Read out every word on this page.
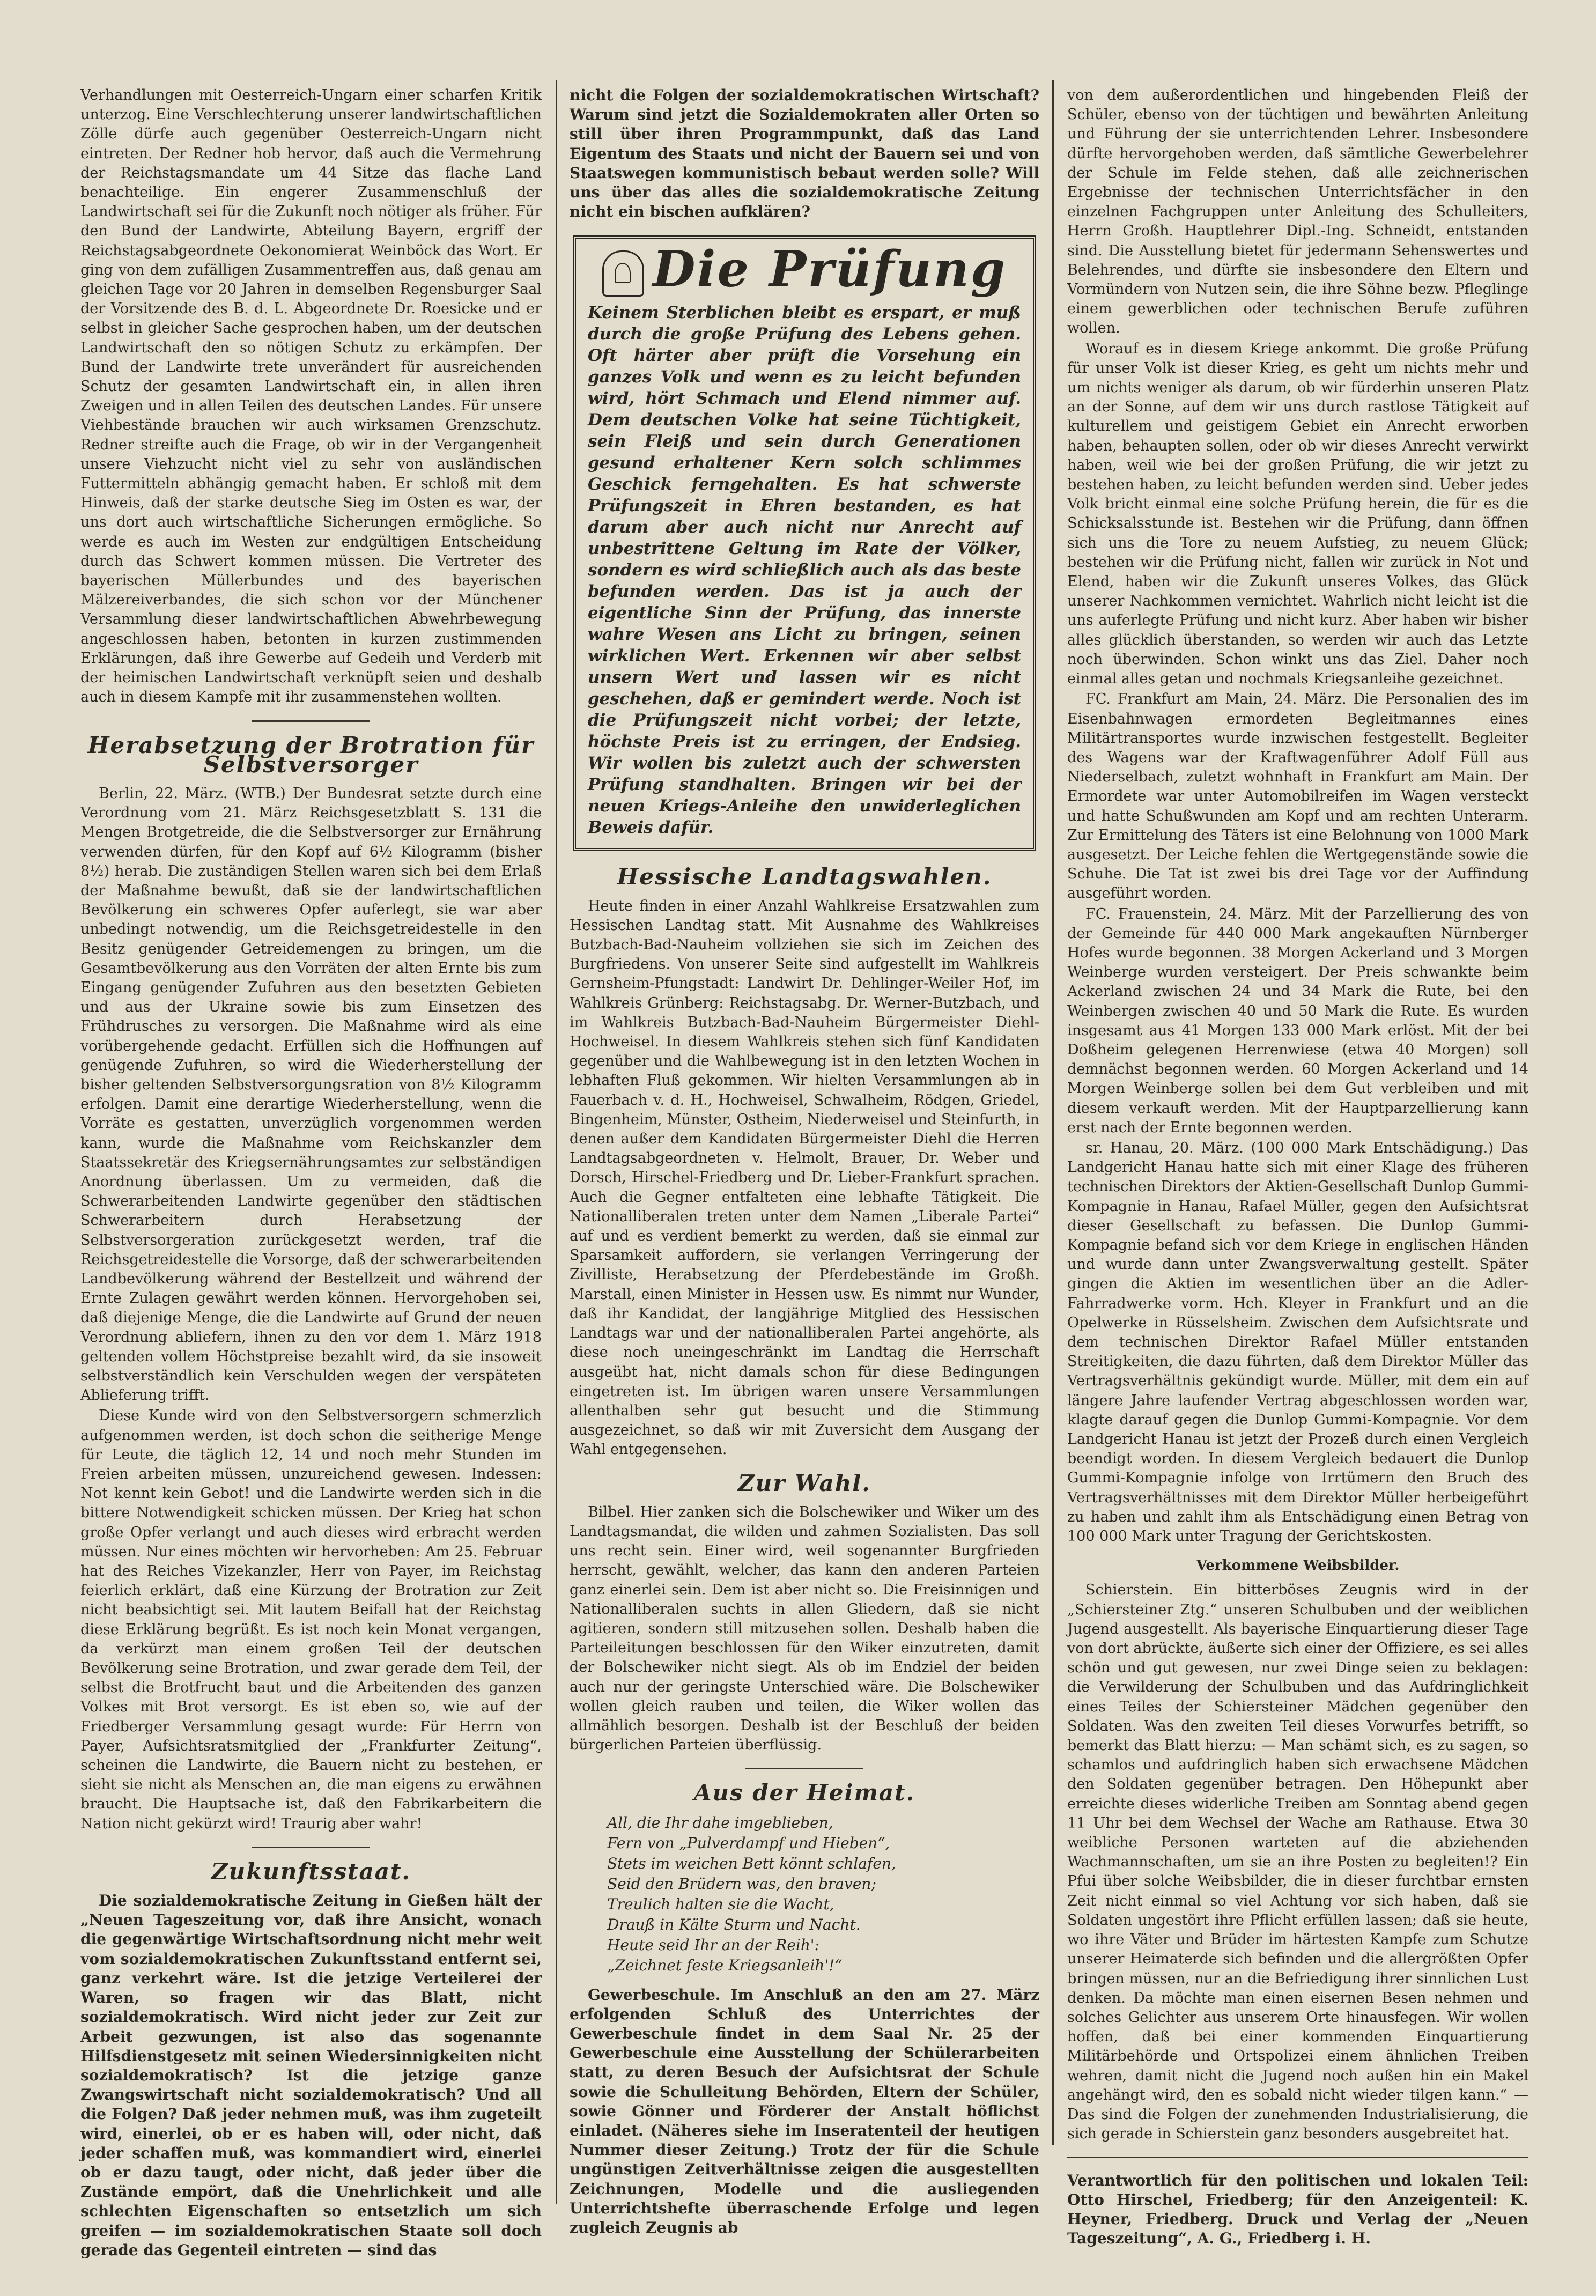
Verhandlungen mit Oesterreich-Ungarn einer scharfen Kritik unterzog. Eine Verschlechterung unserer landwirtschaftlichen Zölle dürfe auch gegenüber Oesterreich-Ungarn nicht eintreten. Der Redner hob hervor, daß auch die Vermehrung der Reichstagsmandate um 44 Sitze das flache Land benachteilige. Ein engerer Zusammenschluß der Landwirtschaft sei für die Zukunft noch nötiger als früher. Für den Bund der Landwirte, Abteilung Bayern, ergriff der Reichstagsabgeordnete Oekonomierat Weinböck das Wort. Er ging von dem zufälligen Zusammentreffen aus, daß genau am gleichen Tage vor 20 Jahren in demselben Regensburger Saal der Vorsitzende des B. d. L. Abgeordnete Dr. Roesicke und er selbst in gleicher Sache gesprochen haben, um der deutschen Landwirtschaft den so nötigen Schutz zu erkämpfen. Der Bund der Landwirte trete unverändert für ausreichenden Schutz der gesamten Landwirtschaft ein, in allen ihren Zweigen und in allen Teilen des deutschen Landes. Für unsere Viehbestände brauchen wir auch wirksamen Grenzschutz. Redner streifte auch die Frage, ob wir in der Vergangenheit unsere Viehzucht nicht viel zu sehr von ausländischen Futtermitteln abhängig gemacht haben. Er schloß mit dem Hinweis, daß der starke deutsche Sieg im Osten es war, der uns dort auch wirtschaftliche Sicherungen ermögliche. So werde es auch im Westen zur endgültigen Entscheidung durch das Schwert kommen müssen. Die Vertreter des bayerischen Müllerbundes und des bayerischen Mälzereiverbandes, die sich schon vor der Münchener Versammlung dieser landwirtschaftlichen Abwehrbewegung angeschlossen haben, betonten in kurzen zustimmenden Erklärungen, daß ihre Gewerbe auf Gedeih und Verderb mit der heimischen Landwirtschaft verknüpft seien und deshalb auch in diesem Kampfe mit ihr zusammenstehen wollten.

Herabsetzung der Brotration für Selbstversorger

Berlin, 22. März. (WTB.) Der Bundesrat setzte durch eine Verordnung vom 21. März Reichsgesetzblatt S. 131 die Mengen Brotgetreide, die die Selbstversorger zur Ernährung verwenden dürfen, für den Kopf auf 6½ Kilogramm (bisher 8½) herab. Die zuständigen Stellen waren sich bei dem Erlaß der Maßnahme bewußt, daß sie der landwirtschaftlichen Bevölkerung ein schweres Opfer auferlegt, sie war aber unbedingt notwendig, um die Reichsgetreidestelle in den Besitz genügender Getreidemengen zu bringen, um die Gesamtbevölkerung aus den Vorräten der alten Ernte bis zum Eingang genügender Zufuhren aus den besetzten Gebieten und aus der Ukraine sowie bis zum Einsetzen des Frühdrusches zu versorgen. Die Maßnahme wird als eine vorübergehende gedacht. Erfüllen sich die Hoffnungen auf genügende Zufuhren, so wird die Wiederherstellung der bisher geltenden Selbstversorgungsration von 8½ Kilogramm erfolgen. Damit eine derartige Wiederherstellung, wenn die Vorräte es gestatten, unverzüglich vorgenommen werden kann, wurde die Maßnahme vom Reichskanzler dem Staatssekretär des Kriegsernährungsamtes zur selbständigen Anordnung überlassen. Um zu vermeiden, daß die Schwerarbeitenden Landwirte gegenüber den städtischen Schwerarbeitern durch Herabsetzung der Selbstversorgeration zurückgesetzt werden, traf die Reichsgetreidestelle die Vorsorge, daß der schwerarbeitenden Landbevölkerung während der Bestellzeit und während der Ernte Zulagen gewährt werden können. Hervorgehoben sei, daß diejenige Menge, die die Landwirte auf Grund der neuen Verordnung abliefern, ihnen zu den vor dem 1. März 1918 geltenden vollem Höchstpreise bezahlt wird, da sie insoweit selbstverständlich kein Verschulden wegen der verspäteten Ablieferung trifft.

Diese Kunde wird von den Selbstversorgern schmerzlich aufgenommen werden, ist doch schon die seitherige Menge für Leute, die täglich 12, 14 und noch mehr Stunden im Freien arbeiten müssen, unzureichend gewesen. Indessen: Not kennt kein Gebot! und die Landwirte werden sich in die bittere Notwendigkeit schicken müssen. Der Krieg hat schon große Opfer verlangt und auch dieses wird erbracht werden müssen. Nur eines möchten wir hervorheben: Am 25. Februar hat des Reiches Vizekanzler, Herr von Payer, im Reichstag feierlich erklärt, daß eine Kürzung der Brotration zur Zeit nicht beabsichtigt sei. Mit lautem Beifall hat der Reichstag diese Erklärung begrüßt. Es ist noch kein Monat vergangen, da verkürzt man einem großen Teil der deutschen Bevölkerung seine Brotration, und zwar gerade dem Teil, der selbst die Brotfrucht baut und die Arbeitenden des ganzen Volkes mit Brot versorgt. Es ist eben so, wie auf der Friedberger Versammlung gesagt wurde: Für Herrn von Payer, Aufsichtsratsmitglied der „Frankfurter Zeitung“, scheinen die Landwirte, die Bauern nicht zu bestehen, er sieht sie nicht als Menschen an, die man eigens zu erwähnen braucht. Die Hauptsache ist, daß den Fabrikarbeitern die Nation nicht gekürzt wird! Traurig aber wahr!

Zukunftsstaat.

Die sozialdemokratische Zeitung in Gießen hält der „Neuen Tageszeitung vor, daß ihre Ansicht, wonach die gegenwärtige Wirtschaftsordnung nicht mehr weit vom sozialdemokratischen Zukunftsstand entfernt sei, ganz verkehrt wäre. Ist die jetzige Verteilerei der Waren, so fragen wir das Blatt, nicht sozialdemokratisch. Wird nicht jeder zur Zeit zur Arbeit gezwungen, ist also das sogenannte Hilfsdienstgesetz mit seinen Wiedersinnigkeiten nicht sozialdemokratisch? Ist die jetzige ganze Zwangswirtschaft nicht sozialdemokratisch? Und all die Folgen? Daß jeder nehmen muß, was ihm zugeteilt wird, einerlei, ob er es haben will, oder nicht, daß jeder schaffen muß, was kommandiert wird, einerlei ob er dazu taugt, oder nicht, daß jeder über die Zustände empört, daß die Unehrlichkeit und alle schlechten Eigenschaften so entsetzlich um sich greifen — im sozialdemokratischen Staate soll doch gerade das Gegenteil eintreten — sind das

nicht die Folgen der sozialdemokratischen Wirtschaft? Warum sind jetzt die Sozialdemokraten aller Orten so still über ihren Programmpunkt, daß das Land Eigentum des Staats und nicht der Bauern sei und von Staatswegen kommunistisch bebaut werden solle? Will uns über das alles die sozialdemokratische Zeitung nicht ein bischen aufklären?

Die Prüfung
Keinem Sterblichen bleibt es erspart, er muß durch die große Prüfung des Lebens gehen. Oft härter aber prüft die Vorsehung ein ganzes Volk und wenn es zu leicht befunden wird, hört Schmach und Elend nimmer auf. Dem deutschen Volke hat seine Tüchtigkeit, sein Fleiß und sein durch Generationen gesund erhaltener Kern solch schlimmes Geschick ferngehalten. Es hat schwerste Prüfungszeit in Ehren bestanden, es hat darum aber auch nicht nur Anrecht auf unbestrittene Geltung im Rate der Völker, sondern es wird schließlich auch als das beste befunden werden. Das ist ja auch der eigentliche Sinn der Prüfung, das innerste wahre Wesen ans Licht zu bringen, seinen wirklichen Wert. Erkennen wir aber selbst unsern Wert und lassen wir es nicht geschehen, daß er gemindert werde. Noch ist die Prüfungszeit nicht vorbei; der letzte, höchste Preis ist zu erringen, der Endsieg. Wir wollen bis zuletzt auch der schwersten Prüfung standhalten. Bringen wir bei der neuen Kriegs-Anleihe den unwiderleglichen Beweis dafür.
Hessische Landtagswahlen.

Heute finden in einer Anzahl Wahlkreise Ersatzwahlen zum Hessischen Landtag statt. Mit Ausnahme des Wahlkreises Butzbach-Bad-Nauheim vollziehen sie sich im Zeichen des Burgfriedens. Von unserer Seite sind aufgestellt im Wahlkreis Gernsheim-Pfungstadt: Landwirt Dr. Dehlinger-Weiler Hof, im Wahlkreis Grünberg: Reichstagsabg. Dr. Werner-Butzbach, und im Wahlkreis Butzbach-Bad-Nauheim Bürgermeister Diehl-Hochweisel. In diesem Wahlkreis stehen sich fünf Kandidaten gegenüber und die Wahlbewegung ist in den letzten Wochen in lebhaften Fluß gekommen. Wir hielten Versammlungen ab in Fauerbach v. d. H., Hochweisel, Schwalheim, Rödgen, Griedel, Bingenheim, Münster, Ostheim, Niederweisel und Steinfurth, in denen außer dem Kandidaten Bürgermeister Diehl die Herren Landtagsabgeordneten v. Helmolt, Brauer, Dr. Weber und Dorsch, Hirschel-Friedberg und Dr. Lieber-Frankfurt sprachen. Auch die Gegner entfalteten eine lebhafte Tätigkeit. Die Nationalliberalen treten unter dem Namen „Liberale Partei“ auf und es verdient bemerkt zu werden, daß sie einmal zur Sparsamkeit auffordern, sie verlangen Verringerung der Zivilliste, Herabsetzung der Pferdebestände im Großh. Marstall, einen Minister in Hessen usw. Es nimmt nur Wunder, daß ihr Kandidat, der langjährige Mitglied des Hessischen Landtags war und der nationalliberalen Partei angehörte, als diese noch uneingeschränkt im Landtag die Herrschaft ausgeübt hat, nicht damals schon für diese Bedingungen eingetreten ist. Im übrigen waren unsere Versammlungen allenthalben sehr gut besucht und die Stimmung ausgezeichnet, so daß wir mit Zuversicht dem Ausgang der Wahl entgegensehen.

Zur Wahl.

Bilbel. Hier zanken sich die Bolschewiker und Wiker um des Landtagsmandat, die wilden und zahmen Sozialisten. Das soll uns recht sein. Einer wird, weil sogenannter Burgfrieden herrscht, gewählt, welcher, das kann den anderen Parteien ganz einerlei sein. Dem ist aber nicht so. Die Freisinnigen und Nationalliberalen suchts in allen Gliedern, daß sie nicht agitieren, sondern still mitzusehen sollen. Deshalb haben die Parteileitungen beschlossen für den Wiker einzutreten, damit der Bolschewiker nicht siegt. Als ob im Endziel der beiden auch nur der geringste Unterschied wäre. Die Bolschewiker wollen gleich rauben und teilen, die Wiker wollen das allmählich besorgen. Deshalb ist der Beschluß der beiden bürgerlichen Parteien überflüssig.

Aus der Heimat.
All, die Ihr dahe imgeblieben,
Fern von „Pulverdampf und Hieben“,
Stets im weichen Bett könnt schlafen,
Seid den Brüdern was, den braven;
Treulich halten sie die Wacht,
Drauß in Kälte Sturm und Nacht.
Heute seid Ihr an der Reih':
„Zeichnet feste Kriegsanleih'!“

Gewerbeschule. Im Anschluß an den am 27. März erfolgenden Schluß des Unterrichtes der Gewerbeschule findet in dem Saal Nr. 25 der Gewerbeschule eine Ausstellung der Schülerarbeiten statt, zu deren Besuch der Aufsichtsrat der Schule sowie die Schulleitung Behörden, Eltern der Schüler, sowie Gönner und Förderer der Anstalt höflichst einladet. (Näheres siehe im Inseratenteil der heutigen Nummer dieser Zeitung.) Trotz der für die Schule ungünstigen Zeitverhältnisse zeigen die ausgestellten Zeichnungen, Modelle und die ausliegenden Unterrichtshefte überraschende Erfolge und legen zugleich Zeugnis ab

von dem außerordentlichen und hingebenden Fleiß der Schüler, ebenso von der tüchtigen und bewährten Anleitung und Führung der sie unterrichtenden Lehrer. Insbesondere dürfte hervorgehoben werden, daß sämtliche Gewerbelehrer der Schule im Felde stehen, daß alle zeichnerischen Ergebnisse der technischen Unterrichtsfächer in den einzelnen Fachgruppen unter Anleitung des Schulleiters, Herrn Großh. Hauptlehrer Dipl.-Ing. Schneidt, entstanden sind. Die Ausstellung bietet für jedermann Sehenswertes und Belehrendes, und dürfte sie insbesondere den Eltern und Vormündern von Nutzen sein, die ihre Söhne bezw. Pfleglinge einem gewerblichen oder technischen Berufe zuführen wollen.

Worauf es in diesem Kriege ankommt. Die große Prüfung für unser Volk ist dieser Krieg, es geht um nichts mehr und um nichts weniger als darum, ob wir fürderhin unseren Platz an der Sonne, auf dem wir uns durch rastlose Tätigkeit auf kulturellem und geistigem Gebiet ein Anrecht erworben haben, behaupten sollen, oder ob wir dieses Anrecht verwirkt haben, weil wie bei der großen Prüfung, die wir jetzt zu bestehen haben, zu leicht befunden werden sind. Ueber jedes Volk bricht einmal eine solche Prüfung herein, die für es die Schicksalsstunde ist. Bestehen wir die Prüfung, dann öffnen sich uns die Tore zu neuem Aufstieg, zu neuem Glück; bestehen wir die Prüfung nicht, fallen wir zurück in Not und Elend, haben wir die Zukunft unseres Volkes, das Glück unserer Nachkommen vernichtet. Wahrlich nicht leicht ist die uns auferlegte Prüfung und nicht kurz. Aber haben wir bisher alles glücklich überstanden, so werden wir auch das Letzte noch überwinden. Schon winkt uns das Ziel. Daher noch einmal alles getan und nochmals Kriegsanleihe gezeichnet.

FC. Frankfurt am Main, 24. März. Die Personalien des im Eisenbahnwagen ermordeten Begleitmannes eines Militärtransportes wurde inzwischen festgestellt. Begleiter des Wagens war der Kraftwagenführer Adolf Füll aus Niederselbach, zuletzt wohnhaft in Frankfurt am Main. Der Ermordete war unter Automobilreifen im Wagen versteckt und hatte Schußwunden am Kopf und am rechten Unterarm. Zur Ermittelung des Täters ist eine Belohnung von 1000 Mark ausgesetzt. Der Leiche fehlen die Wertgegenstände sowie die Schuhe. Die Tat ist zwei bis drei Tage vor der Auffindung ausgeführt worden.

FC. Frauenstein, 24. März. Mit der Parzellierung des von der Gemeinde für 440 000 Mark angekauften Nürnberger Hofes wurde begonnen. 38 Morgen Ackerland und 3 Morgen Weinberge wurden versteigert. Der Preis schwankte beim Ackerland zwischen 24 und 34 Mark die Rute, bei den Weinbergen zwischen 40 und 50 Mark die Rute. Es wurden insgesamt aus 41 Morgen 133 000 Mark erlöst. Mit der bei Doßheim gelegenen Herrenwiese (etwa 40 Morgen) soll demnächst begonnen werden. 60 Morgen Ackerland und 14 Morgen Weinberge sollen bei dem Gut verbleiben und mit diesem verkauft werden. Mit der Hauptparzellierung kann erst nach der Ernte begonnen werden.

sr. Hanau, 20. März. (100 000 Mark Entschädigung.) Das Landgericht Hanau hatte sich mit einer Klage des früheren technischen Direktors der Aktien-Gesellschaft Dunlop Gummi-Kompagnie in Hanau, Rafael Müller, gegen den Aufsichtsrat dieser Gesellschaft zu befassen. Die Dunlop Gummi-Kompagnie befand sich vor dem Kriege in englischen Händen und wurde dann unter Zwangsverwaltung gestellt. Später gingen die Aktien im wesentlichen über an die Adler-Fahrradwerke vorm. Hch. Kleyer in Frankfurt und an die Opelwerke in Rüsselsheim. Zwischen dem Aufsichtsrate und dem technischen Direktor Rafael Müller entstanden Streitigkeiten, die dazu führten, daß dem Direktor Müller das Vertragsverhältnis gekündigt wurde. Müller, mit dem ein auf längere Jahre laufender Vertrag abgeschlossen worden war, klagte darauf gegen die Dunlop Gummi-Kompagnie. Vor dem Landgericht Hanau ist jetzt der Prozeß durch einen Vergleich beendigt worden. In diesem Vergleich bedauert die Dunlop Gummi-Kompagnie infolge von Irrtümern den Bruch des Vertragsverhältnisses mit dem Direktor Müller herbeigeführt zu haben und zahlt ihm als Entschädigung einen Betrag von 100 000 Mark unter Tragung der Gerichtskosten.

Verkommene Weibsbilder.

Schierstein. Ein bitterböses Zeugnis wird in der „Schiersteiner Ztg.“ unseren Schulbuben und der weiblichen Jugend ausgestellt. Als bayerische Einquartierung dieser Tage von dort abrückte, äußerte sich einer der Offiziere, es sei alles schön und gut gewesen, nur zwei Dinge seien zu beklagen: die Verwilderung der Schulbuben und das Aufdringlichkeit eines Teiles der Schiersteiner Mädchen gegenüber den Soldaten. Was den zweiten Teil dieses Vorwurfes betrifft, so bemerkt das Blatt hierzu: — Man schämt sich, es zu sagen, so schamlos und aufdringlich haben sich erwachsene Mädchen den Soldaten gegenüber betragen. Den Höhepunkt aber erreichte dieses widerliche Treiben am Sonntag abend gegen 11 Uhr bei dem Wechsel der Wache am Rathause. Etwa 30 weibliche Personen warteten auf die abziehenden Wachmannschaften, um sie an ihre Posten zu begleiten!? Ein Pfui über solche Weibsbilder, die in dieser furchtbar ernsten Zeit nicht einmal so viel Achtung vor sich haben, daß sie Soldaten ungestört ihre Pflicht erfüllen lassen; daß sie heute, wo ihre Väter und Brüder im härtesten Kampfe zum Schutze unserer Heimaterde sich befinden und die allergrößten Opfer bringen müssen, nur an die Befriedigung ihrer sinnlichen Lust denken. Da möchte man einen eisernen Besen nehmen und solches Gelichter aus unserem Orte hinausfegen. Wir wollen hoffen, daß bei einer kommenden Einquartierung Militärbehörde und Ortspolizei einem ähnlichen Treiben wehren, damit nicht die Jugend noch außen hin ein Makel angehängt wird, den es sobald nicht wieder tilgen kann.“ — Das sind die Folgen der zunehmenden Industrialisierung, die sich gerade in Schierstein ganz besonders ausgebreitet hat.

Verantwortlich für den politischen und lokalen Teil: Otto Hirschel, Friedberg; für den Anzeigenteil: K. Heyner, Friedberg. Druck und Verlag der „Neuen Tageszeitung“, A. G., Friedberg i. H.
